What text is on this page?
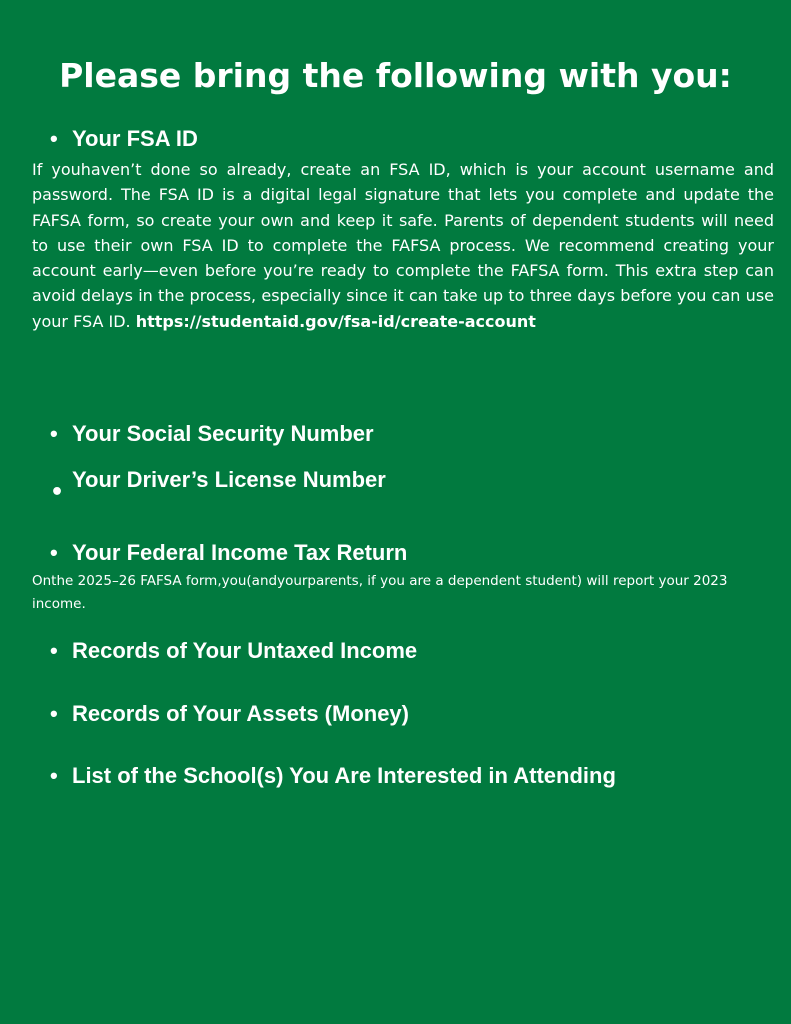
Please bring the following with you:
• Your FSA ID
If youhaven’t done so already, create an FSA ID, which is your account username and password. The FSA ID is a digital legal signature that lets you complete and update the FAFSA form, so create your own and keep it safe. Parents of dependent students will need to use their own FSA ID to complete the FAFSA process. We recommend creating your account early—even before you’re ready to complete the FAFSA form. This extra step can avoid delays in the process, especially since it can take up to three days before you can use your FSA ID. https://studentaid.gov/fsa-id/create-account
• Your Social Security Number
Your Driver’s License Number
•
• Your Federal Income Tax Return
Onthe 2025–26 FAFSA form,you(andyourparents, if you are a dependent student) will report your 2023 income.
• Records of Your Untaxed Income
• Records of Your Assets (Money)
• List of the School(s) You Are Interested in Attending
